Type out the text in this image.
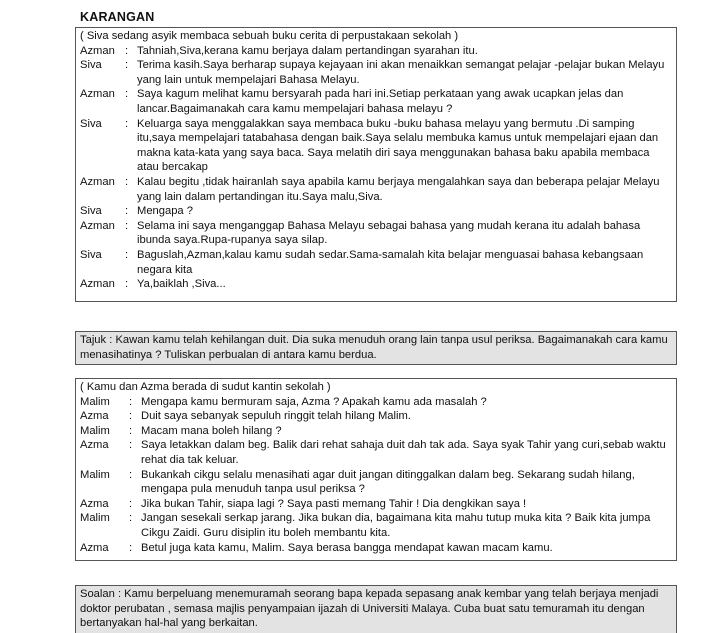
KARANGAN
( Siva sedang asyik membaca sebuah buku cerita di perpustakaan sekolah )
Azman : Tahniah,Siva,kerana kamu berjaya dalam pertandingan syarahan itu.
Siva	: Terima kasih.Saya berharap supaya kejayaan ini akan menaikkan semangat pelajar -pelajar bukan Melayu yang lain untuk mempelajari Bahasa Melayu.
Azman : Saya kagum melihat kamu bersyarah pada hari ini.Setiap perkataan yang awak ucapkan jelas dan lancar.Bagaimanakah cara kamu mempelajari bahasa melayu ?
Siva	: Keluarga saya menggalakkan saya membaca buku -buku bahasa melayu yang bermutu .Di samping itu,saya mempelajari tatabahasa dengan baik.Saya selalu membuka kamus untuk mempelajari ejaan dan makna kata-kata yang saya baca. Saya melatih diri saya menggunakan bahasa baku apabila membaca atau bercakap
Azman : Kalau begitu ,tidak hairanlah saya apabila kamu berjaya mengalahkan saya dan beberapa pelajar Melayu yang lain dalam pertandingan itu.Saya malu,Siva.
Siva	: Mengapa ?
Azman : Selama ini saya menganggap Bahasa Melayu sebagai bahasa yang mudah kerana itu adalah bahasa ibunda saya.Rupa-rupanya saya silap.
Siva	: Baguslah,Azman,kalau kamu sudah sedar.Sama-samalah kita belajar menguasai bahasa kebangsaan negara kita
Azman : Ya,baiklah ,Siva...
Tajuk : Kawan kamu telah kehilangan duit. Dia suka menuduh orang lain tanpa usul periksa. Bagaimanakah cara kamu menasihatinya ? Tuliskan perbualan di antara kamu berdua.
( Kamu dan Azma berada di sudut kantin sekolah )
Malim	: Mengapa kamu bermuram saja, Azma ? Apakah kamu ada masalah ?
Azma	: Duit saya sebanyak sepuluh ringgit telah hilang Malim.
Malim	: Macam mana boleh hilang ?
Azma	: Saya letakkan dalam beg. Balik dari rehat sahaja duit dah tak ada. Saya syak Tahir yang curi,sebab waktu rehat dia tak keluar.
Malim	: Bukankah cikgu selalu menasihati agar duit jangan ditinggalkan dalam beg. Sekarang sudah hilang, mengapa pula menuduh tanpa usul periksa ?
Azma	: Jika bukan Tahir, siapa lagi ? Saya pasti memang Tahir ! Dia dengkikan saya !
Malim	: Jangan sesekali serkap jarang. Jika bukan dia, bagaimana kita mahu tutup muka kita ? Baik kita jumpa Cikgu Zaidi. Guru disiplin itu boleh membantu kita.
Azma	: Betul juga kata kamu, Malim. Saya berasa bangga mendapat kawan macam kamu.
Soalan : Kamu berpeluang menemuramah seorang bapa kepada sepasang anak kembar yang telah berjaya menjadi doktor perubatan , semasa majlis penyampaian ijazah di Universiti Malaya. Cuba buat satu temuramah itu dengan bertanyakan hal-hal yang berkaitan.
